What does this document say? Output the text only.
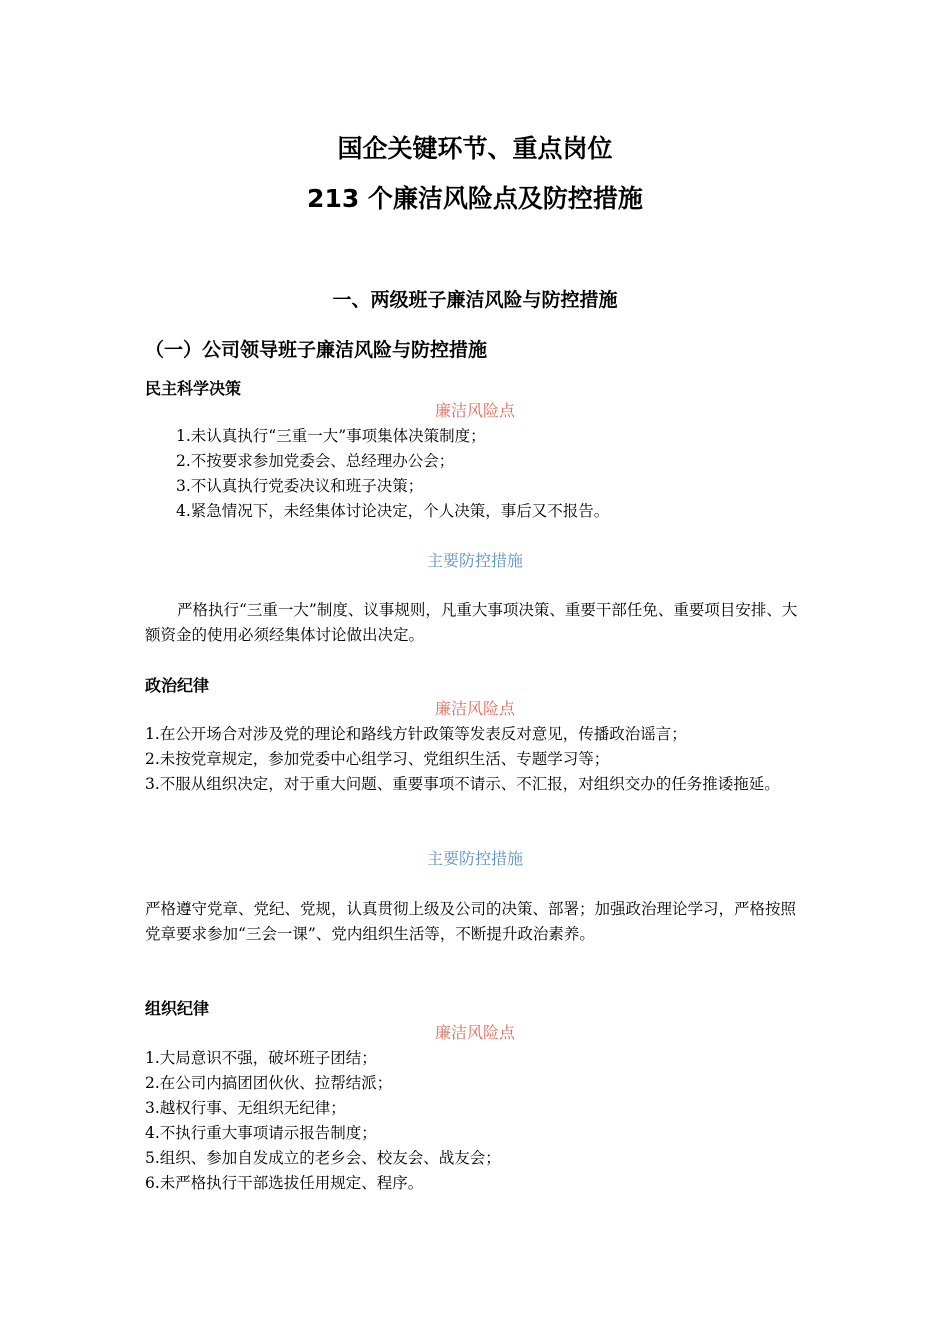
国企关键环节、重点岗位
213 个廉洁风险点及防控措施
一、两级班子廉洁风险与防控措施
（一）公司领导班子廉洁风险与防控措施
民主科学决策
廉洁风险点
1.未认真执行“三重一大”事项集体决策制度；
2.不按要求参加党委会、总经理办公会；
3.不认真执行党委决议和班子决策；
4.紧急情况下，未经集体讨论决定，个人决策，事后又不报告。
主要防控措施

严格执行“三重一大”制度、议事规则，凡重大事项决策、重要干部任免、重要项目安排、大额资金的使用必须经集体讨论做出决定。

政治纪律
廉洁风险点
1.在公开场合对涉及党的理论和路线方针政策等发表反对意见，传播政治谣言；
2.未按党章规定，参加党委中心组学习、党组织生活、专题学习等；
3.不服从组织决定，对于重大问题、重要事项不请示、不汇报，对组织交办的任务推诿拖延。
主要防控措施

严格遵守党章、党纪、党规，认真贯彻上级及公司的决策、部署；加强政治理论学习，严格按照党章要求参加“三会一课”、党内组织生活等，不断提升政治素养。

组织纪律
廉洁风险点
1.大局意识不强，破坏班子团结；
2.在公司内搞团团伙伙、拉帮结派；
3.越权行事、无组织无纪律；
4.不执行重大事项请示报告制度；
5.组织、参加自发成立的老乡会、校友会、战友会；
6.未严格执行干部选拔任用规定、程序。
